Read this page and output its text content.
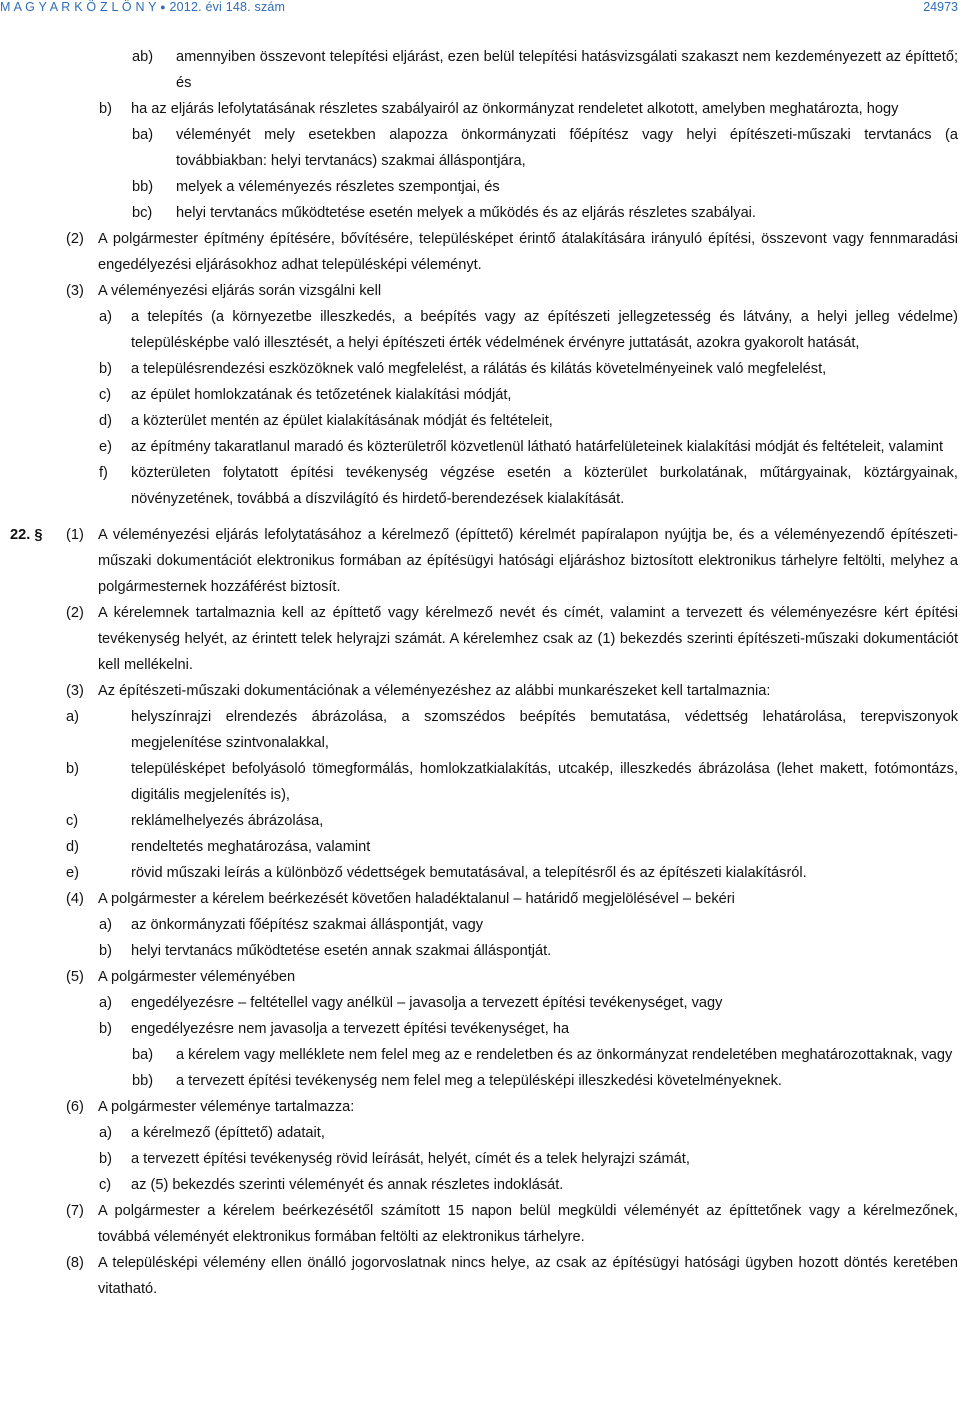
M A G Y A R K Ö Z L Ö N Y ● 2012. évi 148. szám	24973
ab) amennyiben összevont telepítési eljárást, ezen belül telepítési hatásvizsgálati szakaszt nem kezdeményezett az építtető; és
b) ha az eljárás lefolytatásának részletes szabályairól az önkormányzat rendeletet alkotott, amelyben meghatározta, hogy
ba) véleményét mely esetekben alapozza önkormányzati főépítész vagy helyi építészeti-műszaki tervtanács (a továbbiakban: helyi tervtanács) szakmai álláspontjára,
bb) melyek a véleményezés részletes szempontjai, és
bc) helyi tervtanács működtetése esetén melyek a működés és az eljárás részletes szabályai.
(2) A polgármester építmény építésére, bővítésére, településképet érintő átalakítására irányuló építési, összevont vagy fennmaradási engedélyezési eljárásokhoz adhat településképi véleményt.
(3) A véleményezési eljárás során vizsgálni kell
a) a telepítés (a környezetbe illeszkedés, a beépítés vagy az építészeti jellegzetesség és látvány, a helyi jelleg védelme) településképbe való illesztését, a helyi építészeti érték védelmének érvényre juttatását, azokra gyakorolt hatását,
b) a településrendezési eszközöknek való megfelelést, a rálátás és kilátás követelményeinek való megfelelést,
c) az épület homlokzatának és tetőzetének kialakítási módját,
d) a közterület mentén az épület kialakításának módját és feltételeit,
e) az építmény takaratlanul maradó és közterületről közvetlenül látható határfelületeinek kialakítási módját és feltételeit, valamint
f) közterületen folytatott építési tevékenység végzése esetén a közterület burkolatának, műtárgyainak, köztárgyainak, növényzetének, továbbá a díszvilágító és hirdető-berendezések kialakítását.
22. § (1) A véleményezési eljárás lefolytatásához a kérelmező (építtető) kérelmét papíralapon nyújtja be, és a véleményezendő építészeti-műszaki dokumentációt elektronikus formában az építésügyi hatósági eljáráshoz biztosított elektronikus tárhelyre feltölti, melyhez a polgármesternek hozzáférést biztosít.
(2) A kérelemnek tartalmaznia kell az építtető vagy kérelmező nevét és címét, valamint a tervezett és véleményezésre kért építési tevékenység helyét, az érintett telek helyrajzi számát. A kérelemhez csak az (1) bekezdés szerinti építészeti-műszaki dokumentációt kell mellékelni.
(3) Az építészeti-műszaki dokumentációnak a véleményezéshez az alábbi munkarészeket kell tartalmaznia:
a)	helyszínrajzi elrendezés ábrázolása, a szomszédos beépítés bemutatása, védettség lehatárolása, terepviszonyok megjelenítése szintvonalakkal,
b)	településképet befolyásoló tömegformálás, homlokzatkialakítás, utcakép, illeszkedés ábrázolása (lehet makett, fotómontázs, digitális megjelenítés is),
c)	reklámelhelyezés ábrázolása,
d)	rendeltetés meghatározása, valamint
e)	rövid műszaki leírás a különböző védettségek bemutatásával, a telepítésről és az építészeti kialakításról.
(4) A polgármester a kérelem beérkezését követően haladéktalanul – határidő megjelölésével – bekéri
a) az önkormányzati főépítész szakmai álláspontját, vagy
b) helyi tervtanács működtetése esetén annak szakmai álláspontját.
(5) A polgármester véleményében
a) engedélyezésre – feltétellel vagy anélkül – javasolja a tervezett építési tevékenységet, vagy
b) engedélyezésre nem javasolja a tervezett építési tevékenységet, ha
ba) a kérelem vagy melléklete nem felel meg az e rendeletben és az önkormányzat rendeletében meghatározottaknak, vagy
bb) a tervezett építési tevékenység nem felel meg a településképi illeszkedési követelményeknek.
(6) A polgármester véleménye tartalmazza:
a) a kérelmező (építtető) adatait,
b) a tervezett építési tevékenység rövid leírását, helyét, címét és a telek helyrajzi számát,
c) az (5) bekezdés szerinti véleményét és annak részletes indoklását.
(7) A polgármester a kérelem beérkezésétől számított 15 napon belül megküldi véleményét az építtetőnek vagy a kérelmezőnek, továbbá véleményét elektronikus formában feltölti az elektronikus tárhelyre.
(8) A településképi vélemény ellen önálló jogorvoslatnak nincs helye, az csak az építésügyi hatósági ügyben hozott döntés keretében vitatható.
